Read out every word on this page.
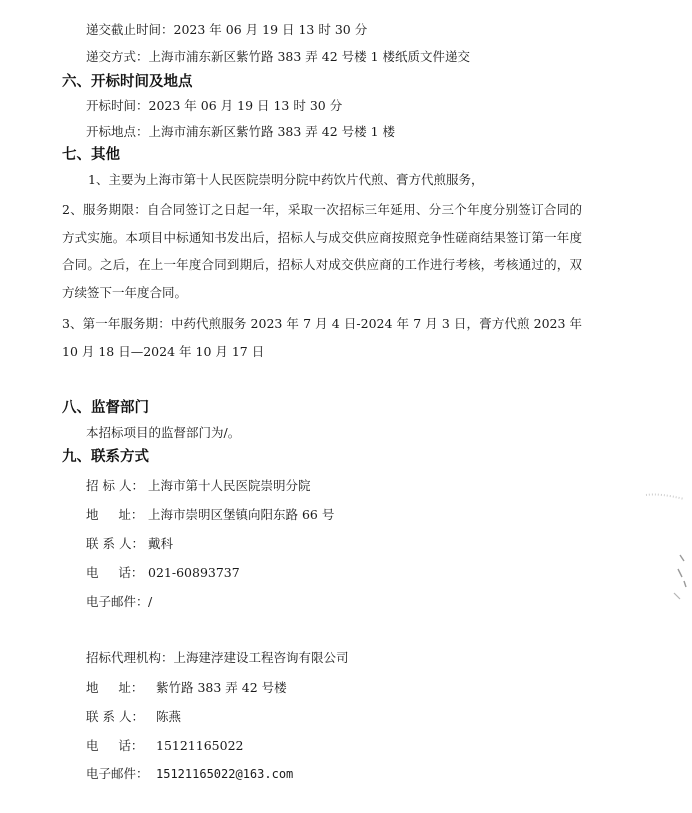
递交截止时间：2023 年 06 月 19 日 13 时 30 分
递交方式：上海市浦东新区紫竹路 383 弄 42 号楼 1 楼纸质文件递交
六、开标时间及地点
开标时间：2023 年 06 月 19 日 13 时 30 分
开标地点：上海市浦东新区紫竹路 383 弄 42 号楼 1 楼
七、其他
1、主要为上海市第十人民医院崇明分院中药饮片代煎、膏方代煎服务，
2、服务期限：自合同签订之日起一年，采取一次招标三年延用、分三个年度分别签订合同的方式实施。本项目中标通知书发出后，招标人与成交供应商按照竞争性磋商结果签订第一年度合同。之后，在上一年度合同到期后，招标人对成交供应商的工作进行考核，考核通过的，双方续签下一年度合同。
3、第一年服务期：中药代煎服务 2023 年 7 月 4 日-2024 年 7 月 3 日，膏方代煎 2023 年 10 月 18 日—2024 年 10 月 17 日
八、监督部门
本招标项目的监督部门为/。
九、联系方式
招 标 人： 上海市第十人民医院崇明分院
地     址： 上海市崇明区堡镇向阳东路 66 号
联 系 人： 戴科
电     话： 021-60893737
电子邮件：/
招标代理机构：上海建浡建设工程咨询有限公司
地     址： 紫竹路 383 弄 42 号楼
联 系 人： 陈燕
电     话： 15121165022
电子邮件： 15121165022@163.com
